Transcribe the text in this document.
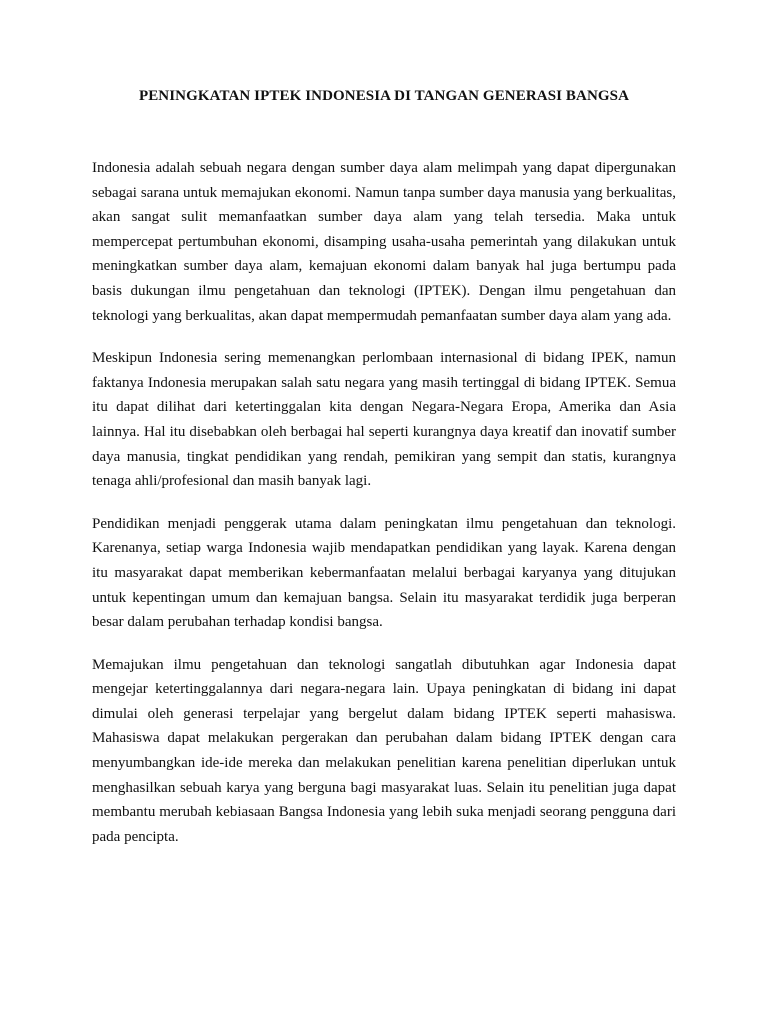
PENINGKATAN IPTEK INDONESIA DI TANGAN GENERASI BANGSA

Indonesia adalah sebuah negara dengan sumber daya alam melimpah yang dapat dipergunakan sebagai sarana untuk memajukan ekonomi. Namun tanpa sumber daya manusia yang berkualitas, akan sangat sulit memanfaatkan sumber daya alam yang telah tersedia. Maka untuk mempercepat pertumbuhan ekonomi, disamping usaha-usaha pemerintah yang dilakukan untuk meningkatkan sumber daya alam, kemajuan ekonomi dalam banyak hal juga bertumpu pada basis dukungan ilmu pengetahuan dan teknologi (IPTEK). Dengan ilmu pengetahuan dan teknologi yang berkualitas, akan dapat mempermudah pemanfaatan sumber daya alam yang ada.

Meskipun Indonesia sering memenangkan perlombaan internasional di bidang IPEK, namun faktanya Indonesia merupakan salah satu negara yang masih tertinggal di bidang IPTEK. Semua itu dapat dilihat dari ketertinggalan kita dengan Negara-Negara Eropa, Amerika dan Asia lainnya. Hal itu disebabkan oleh berbagai hal seperti kurangnya daya kreatif dan inovatif sumber daya manusia, tingkat pendidikan yang rendah, pemikiran yang sempit dan statis, kurangnya tenaga ahli/profesional dan masih banyak lagi.

Pendidikan menjadi penggerak utama dalam peningkatan ilmu pengetahuan dan teknologi. Karenanya, setiap warga Indonesia wajib mendapatkan pendidikan yang layak. Karena dengan itu masyarakat dapat memberikan kebermanfaatan melalui berbagai karyanya yang ditujukan untuk kepentingan umum dan kemajuan bangsa. Selain itu masyarakat terdidik juga berperan besar dalam perubahan terhadap kondisi bangsa.

Memajukan ilmu pengetahuan dan teknologi sangatlah dibutuhkan agar Indonesia dapat mengejar ketertinggalannya dari negara-negara lain. Upaya peningkatan di bidang ini dapat dimulai oleh generasi terpelajar yang bergelut dalam bidang IPTEK seperti mahasiswa. Mahasiswa dapat melakukan pergerakan dan perubahan dalam bidang IPTEK dengan cara menyumbangkan ide-ide mereka dan melakukan penelitian karena penelitian diperlukan untuk menghasilkan sebuah karya yang berguna bagi masyarakat luas. Selain itu penelitian juga dapat membantu merubah kebiasaan Bangsa Indonesia yang lebih suka menjadi seorang pengguna dari pada pencipta.
